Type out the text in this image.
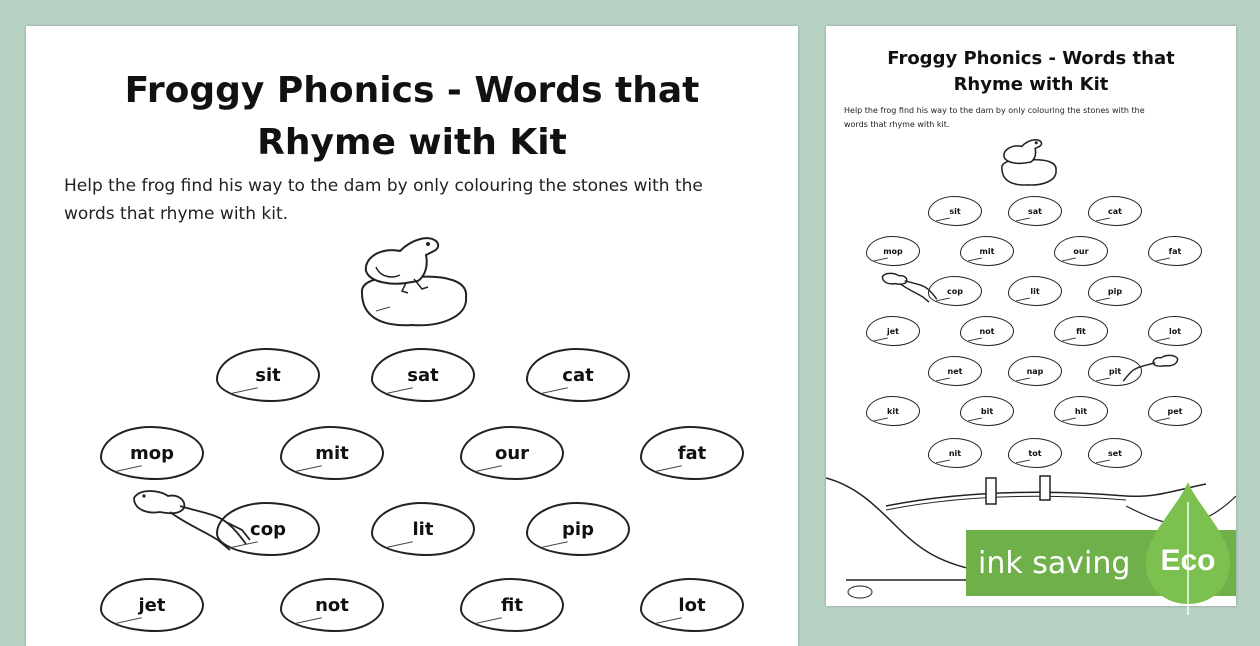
Froggy Phonics - Words that
Rhyme with Kit
Help the frog find his way to the dam by only colouring the stones with the
words that rhyme with kit.
sit	sat	cat
mop	mit	our	fat
cop	lit	pip
jet	not	fit	lot
Froggy Phonics - Words that
Rhyme with Kit
Help the frog find his way to the dam by only colouring the stones with the
words that rhyme with kit.
sit	sat	cat
mop	mit	our	fat
cop	lit	pip
jet	not	fit	lot
net	nap	pit
kit	bit	hit	pet
nit	tot	set
ink saving Eco
